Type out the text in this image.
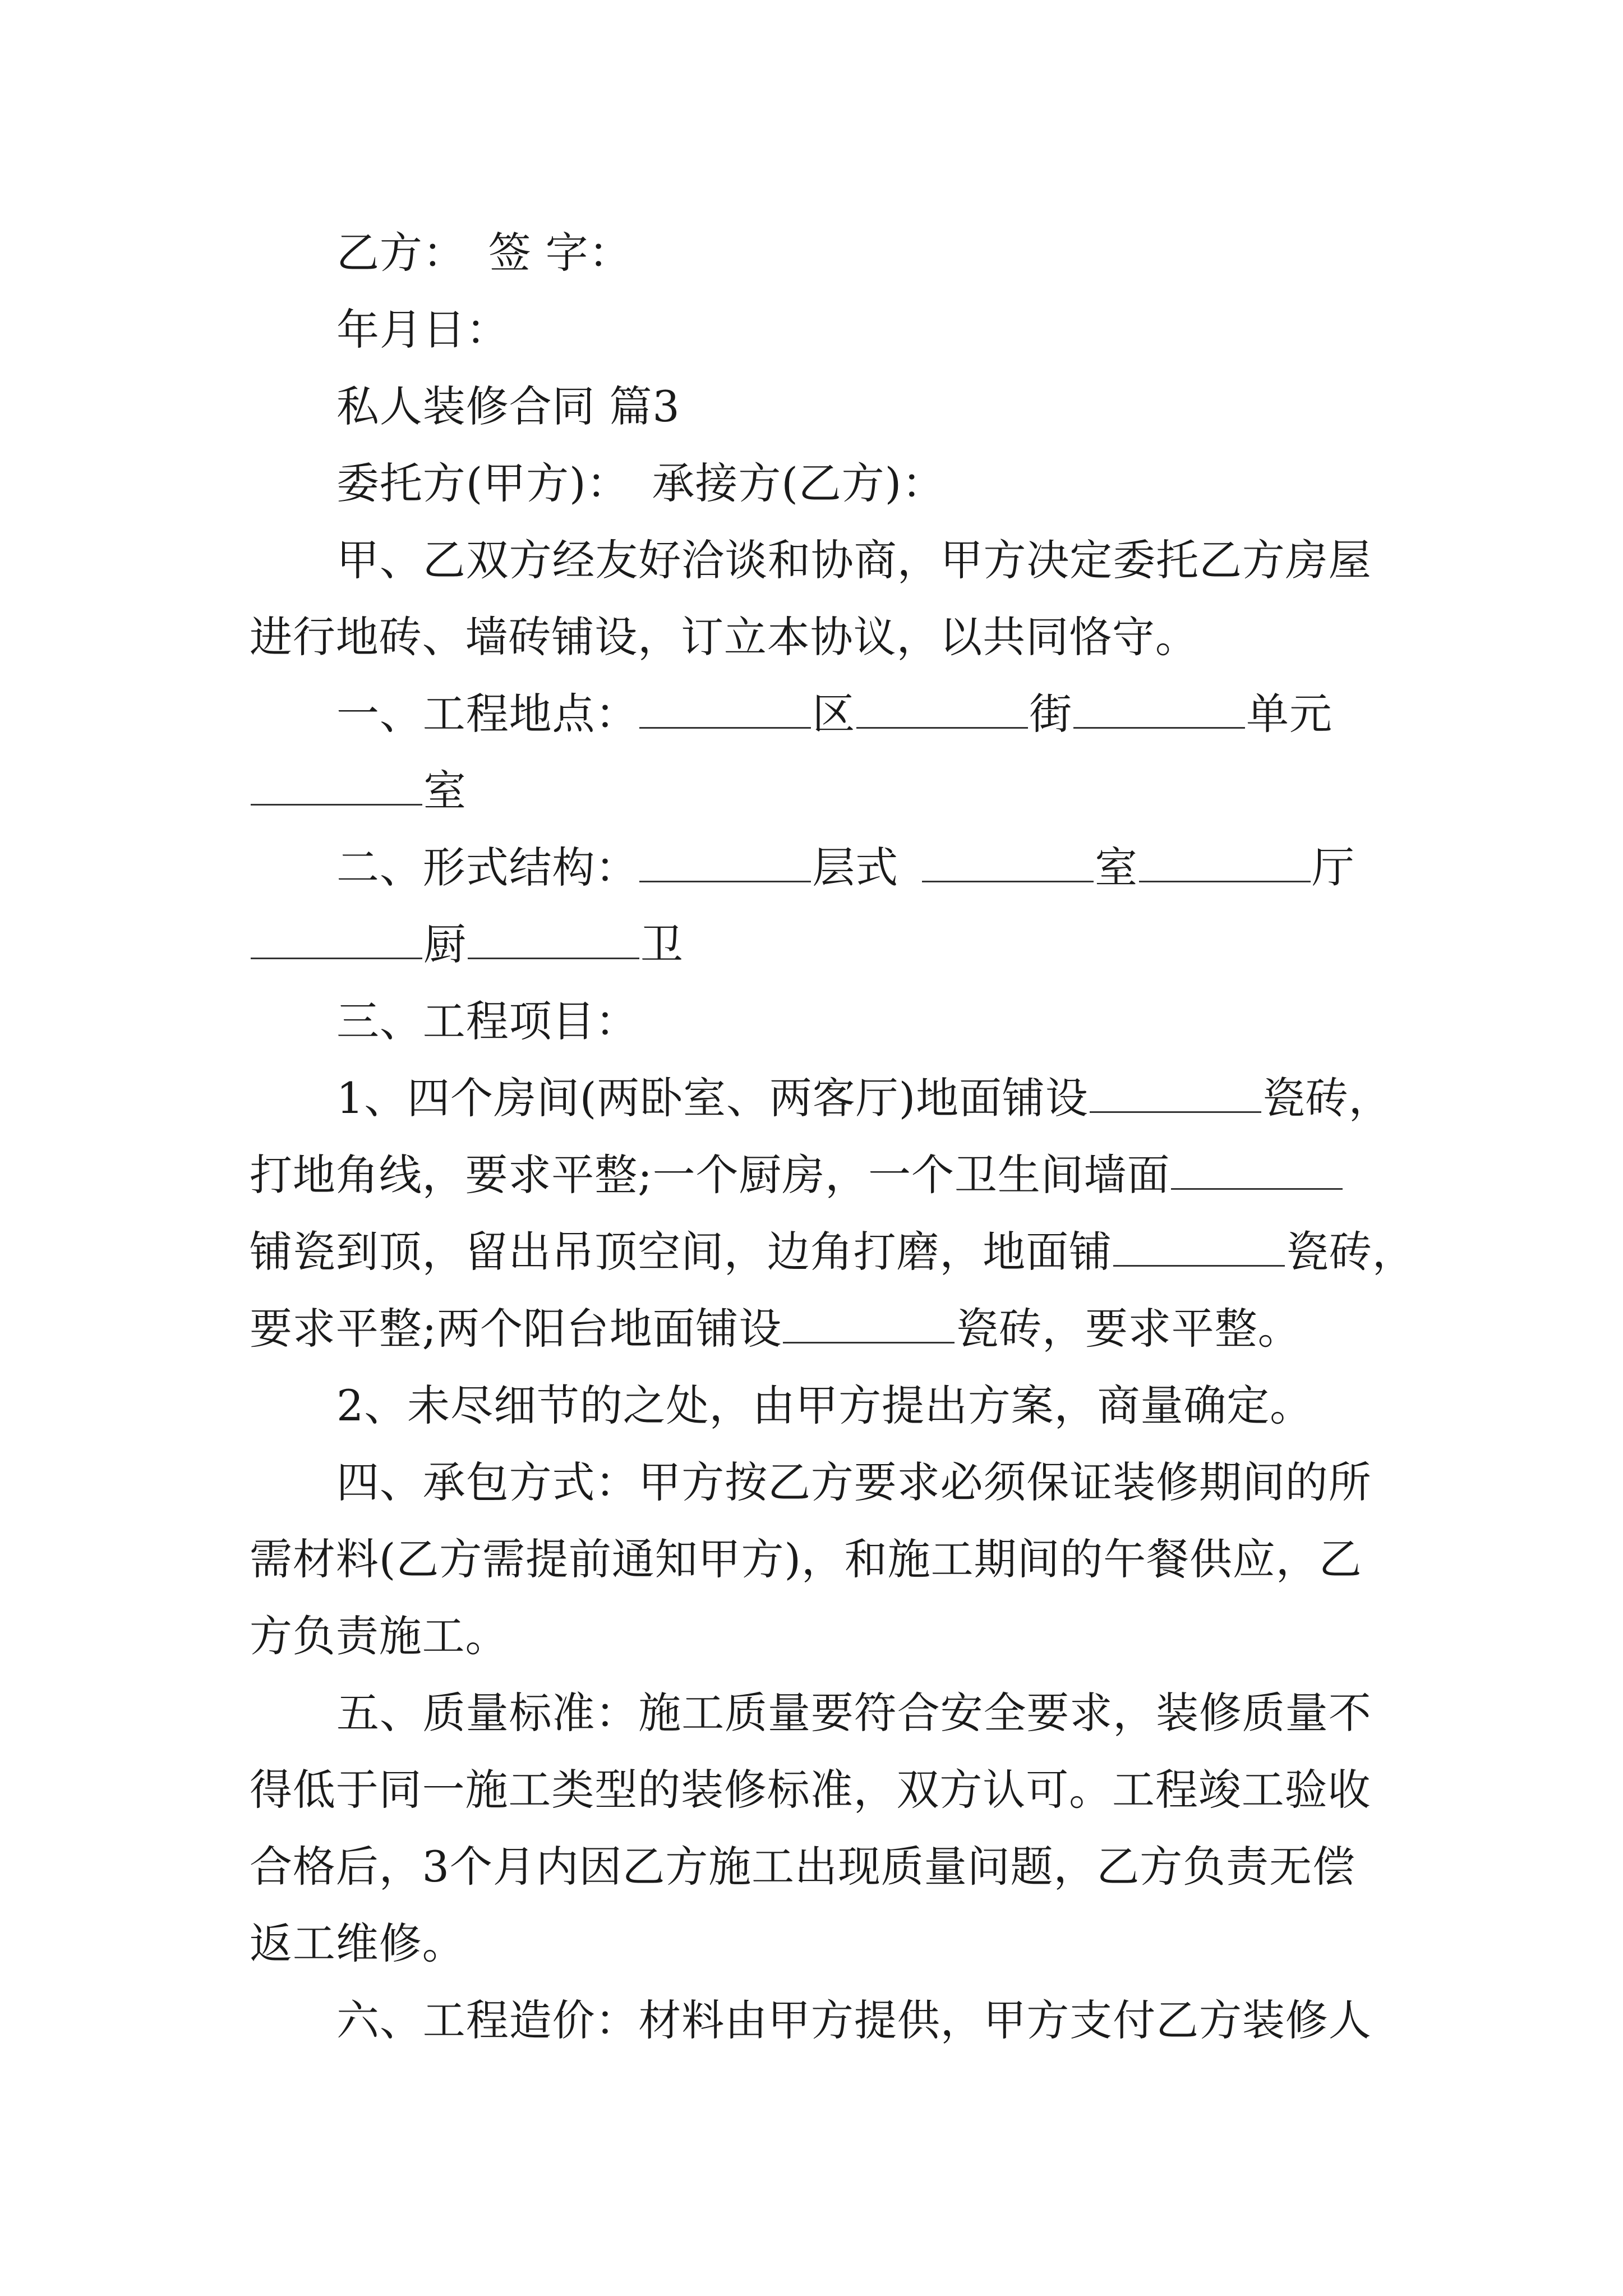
乙方： 签 字：

年月日：

私人装修合同 篇3

委托方(甲方)： 承接方(乙方)：

甲、乙双方经友好洽谈和协商，甲方决定委托乙方房屋

进行地砖、墙砖铺设，订立本协议，以共同恪守。

一、工程地点：	区	街	单元

室

二、形式结构：	层式	室	厅

厨	卫

三、工程项目：

1、四个房间(两卧室、两客厅)地面铺设	瓷砖，

打地角线，要求平整;一个厨房，一个卫生间墙面

铺瓷到顶，留出吊顶空间，边角打磨，地面铺	瓷砖，

要求平整;两个阳台地面铺设	瓷砖，要求平整。

2、未尽细节的之处，由甲方提出方案，商量确定。

四、承包方式：甲方按乙方要求必须保证装修期间的所

需材料(乙方需提前通知甲方)，和施工期间的午餐供应，乙

方负责施工。

五、质量标准：施工质量要符合安全要求，装修质量不

得低于同一施工类型的装修标准，双方认可。工程竣工验收

合格后，3个月内因乙方施工出现质量问题，乙方负责无偿

返工维修。

六、工程造价：材料由甲方提供，甲方支付乙方装修人
